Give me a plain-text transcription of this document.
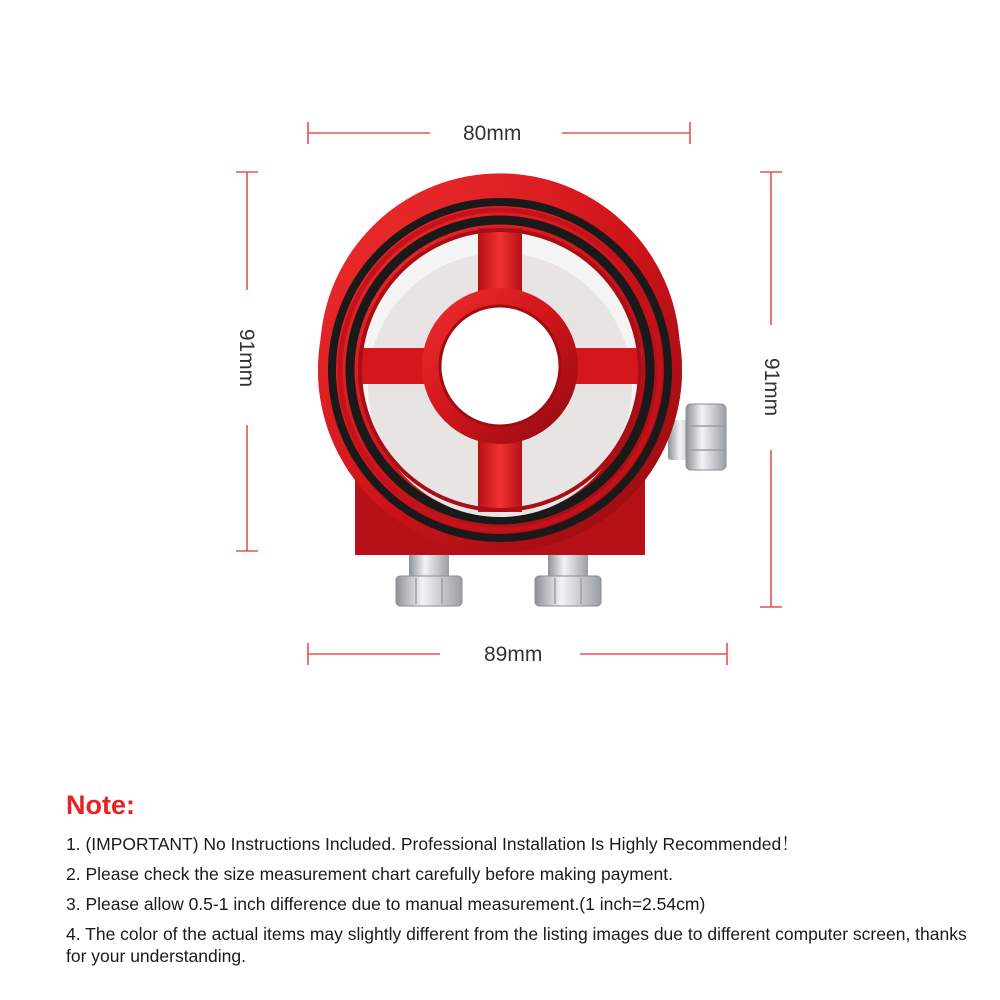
80mm
89mm
91mm	91mm
Note:
1. (IMPORTANT) No Instructions Included. Professional Installation Is Highly Recommended！
2. Please check the size measurement chart carefully before making payment.
3. Please allow 0.5-1 inch difference due to manual measurement.(1 inch=2.54cm)
4. The color of the actual items may slightly different from the listing images due to different computer screen, thanks for your understanding.
